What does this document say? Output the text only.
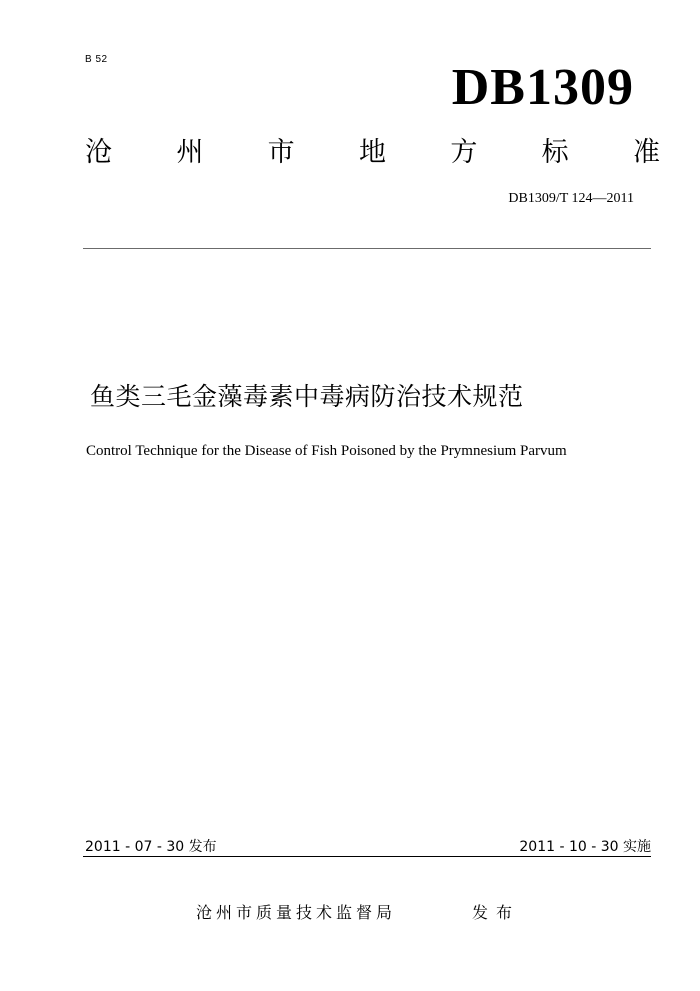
B 52	DB1309
沧 州 市 地 方 标 准
DB1309/T 124—2011
鱼类三毛金藻毒素中毒病防治技术规范
Control Technique for the Disease of Fish Poisoned by the Prymnesium Parvum
2011 - 07 - 30 发布	2011 - 10 - 30 实施
沧州市质量技术监督局	发布
